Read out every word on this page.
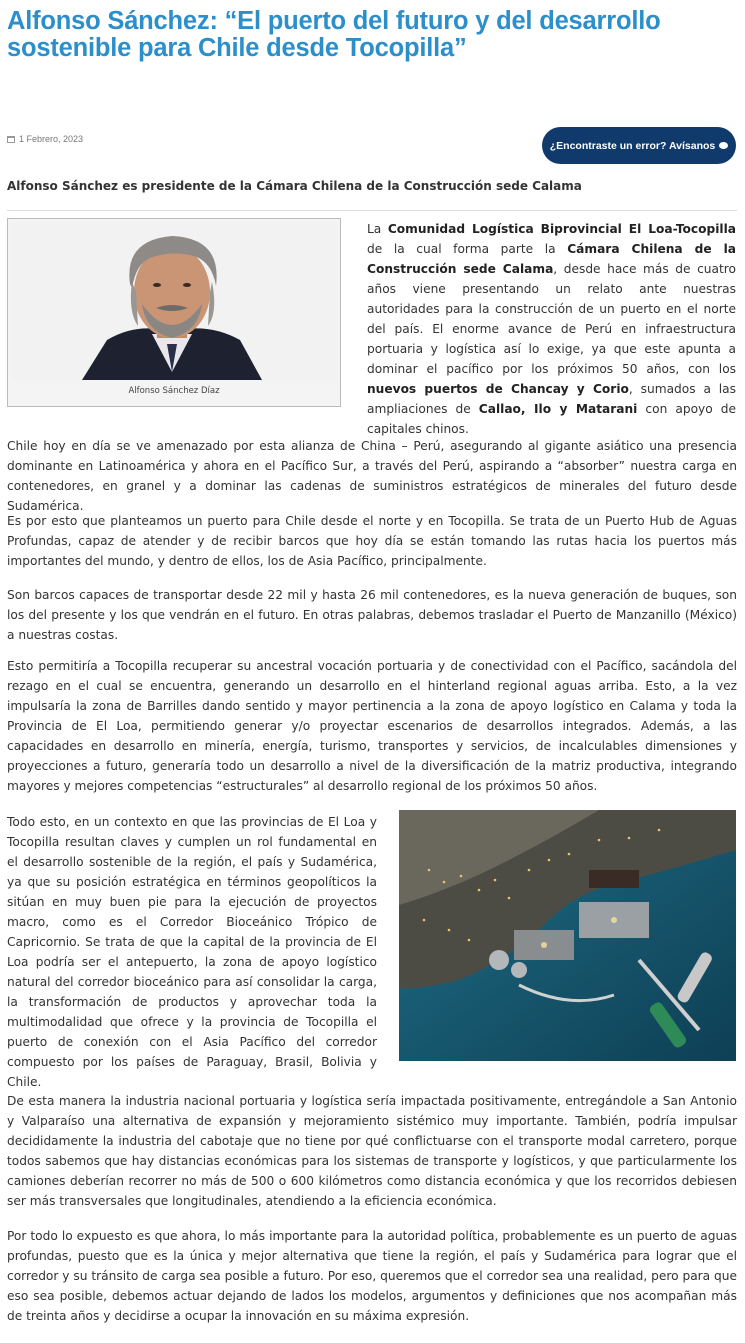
Alfonso Sánchez: “El puerto del futuro y del desarrollo sostenible para Chile desde Tocopilla”
1 Febrero, 2023
¿Encontraste un error? Avísanos
Alfonso Sánchez es presidente de la Cámara Chilena de la Construcción sede Calama
Alfonso Sánchez Díaz

La Comunidad Logística Biprovincial El Loa-Tocopilla de la cual forma parte la Cámara Chilena de la Construcción sede Calama, desde hace más de cuatro años viene presentando un relato ante nuestras autoridades para la construcción de un puerto en el norte del país. El enorme avance de Perú en infraestructura portuaria y logística así lo exige, ya que este apunta a dominar el pacífico por los próximos 50 años, con los nuevos puertos de Chancay y Corio, sumados a las ampliaciones de Callao, Ilo y Matarani con apoyo de capitales chinos.

Chile hoy en día se ve amenazado por esta alianza de China – Perú, asegurando al gigante asiático una presencia dominante en Latinoamérica y ahora en el Pacífico Sur, a través del Perú, aspirando a “absorber” nuestra carga en contenedores, en granel y a dominar las cadenas de suministros estratégicos de minerales del futuro desde Sudamérica.

Es por esto que planteamos un puerto para Chile desde el norte y en Tocopilla. Se trata de un Puerto Hub de Aguas Profundas, capaz de atender y de recibir barcos que hoy día se están tomando las rutas hacia los puertos más importantes del mundo, y dentro de ellos, los de Asia Pacífico, principalmente.

Son barcos capaces de transportar desde 22 mil y hasta 26 mil contenedores, es la nueva generación de buques, son los del presente y los que vendrán en el futuro. En otras palabras, debemos trasladar el Puerto de Manzanillo (México) a nuestras costas.

Esto permitiría a Tocopilla recuperar su ancestral vocación portuaria y de conectividad con el Pacífico, sacándola del rezago en el cual se encuentra, generando un desarrollo en el hinterland regional aguas arriba. Esto, a la vez impulsaría la zona de Barrilles dando sentido y mayor pertinencia a la zona de apoyo logístico en Calama y toda la Provincia de El Loa, permitiendo generar y/o proyectar escenarios de desarrollos integrados. Además, a las capacidades en desarrollo en minería, energía, turismo, transportes y servicios, de incalculables dimensiones y proyecciones a futuro, generaría todo un desarrollo a nivel de la diversificación de la matriz productiva, integrando mayores y mejores competencias “estructurales” al desarrollo regional de los próximos 50 años.

Todo esto, en un contexto en que las provincias de El Loa y Tocopilla resultan claves y cumplen un rol fundamental en el desarrollo sostenible de la región, el país y Sudamérica, ya que su posición estratégica en términos geopolíticos la sitúan en muy buen pie para la ejecución de proyectos macro, como es el Corredor Bioceánico Trópico de Capricornio. Se trata de que la capital de la provincia de El Loa podría ser el antepuerto, la zona de apoyo logístico natural del corredor bioceánico para así consolidar la carga, la transformación de productos y aprovechar toda la multimodalidad que ofrece y la provincia de Tocopilla el puerto de conexión con el Asia Pacífico del corredor compuesto por los países de Paraguay, Brasil, Bolivia y Chile.

De esta manera la industria nacional portuaria y logística sería impactada positivamente, entregándole a San Antonio y Valparaíso una alternativa de expansión y mejoramiento sistémico muy importante. También, podría impulsar decididamente la industria del cabotaje que no tiene por qué conflictuarse con el transporte modal carretero, porque todos sabemos que hay distancias económicas para los sistemas de transporte y logísticos, y que particularmente los camiones deberían recorrer no más de 500 o 600 kilómetros como distancia económica y que los recorridos debiesen ser más transversales que longitudinales, atendiendo a la eficiencia económica.

Por todo lo expuesto es que ahora, lo más importante para la autoridad política, probablemente es un puerto de aguas profundas, puesto que es la única y mejor alternativa que tiene la región, el país y Sudamérica para lograr que el corredor y su tránsito de carga sea posible a futuro. Por eso, queremos que el corredor sea una realidad, pero para que eso sea posible, debemos actuar dejando de lados los modelos, argumentos y definiciones que nos acompañan más de treinta años y decidirse a ocupar la innovación en su máxima expresión.
